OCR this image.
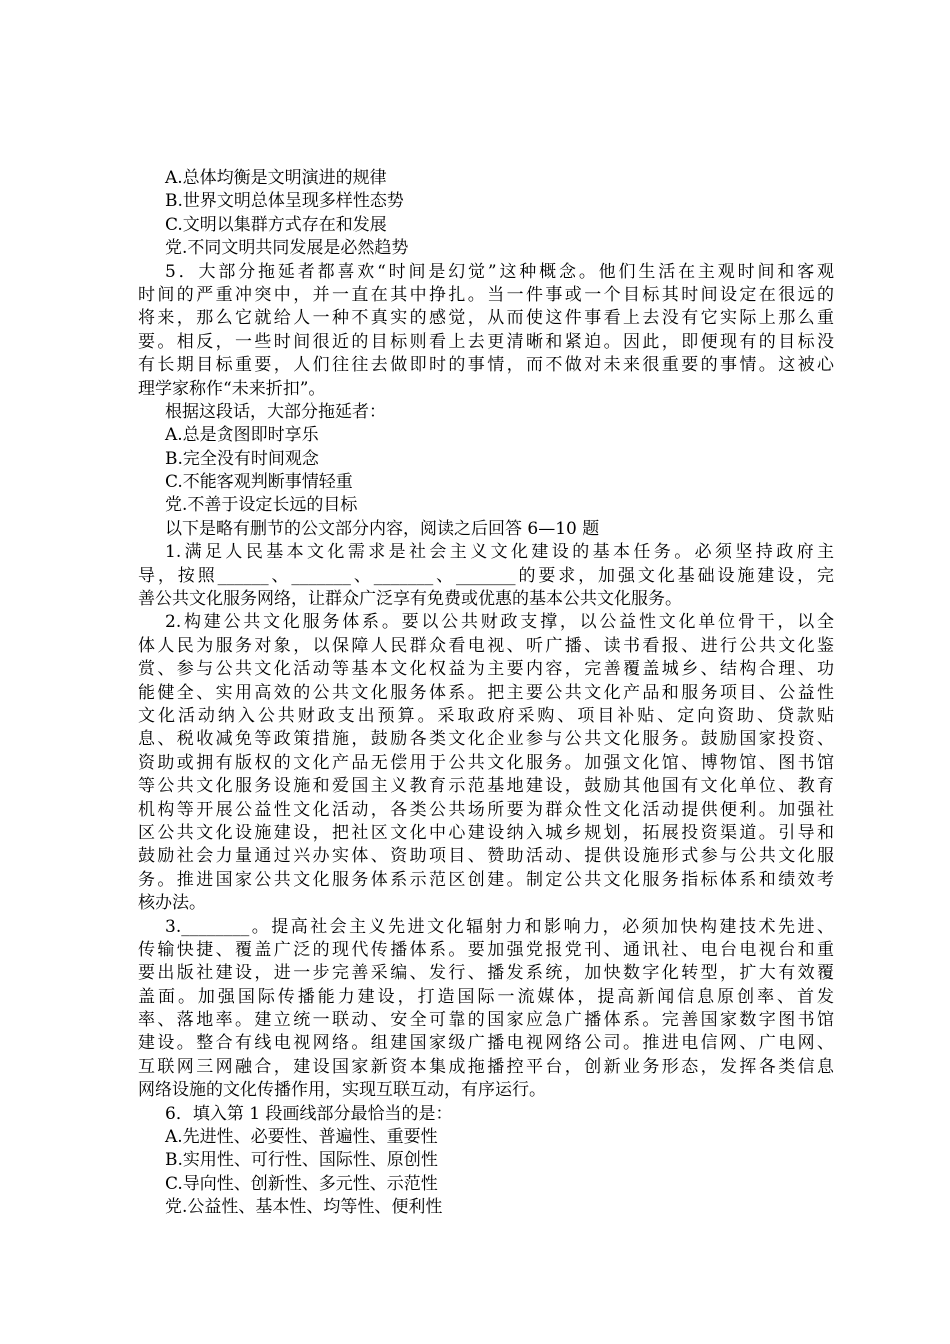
A.总体均衡是文明演进的规律
B.世界文明总体呈现多样性态势
C.文明以集群方式存在和发展
党.不同文明共同发展是必然趋势
5．大部分拖延者都喜欢“时间是幻觉”这种概念。他们生活在主观时间和客观
时间的严重冲突中，并一直在其中挣扎。当一件事或一个目标其时间设定在很远的
将来，那么它就给人一种不真实的感觉，从而使这件事看上去没有它实际上那么重
要。相反，一些时间很近的目标则看上去更清晰和紧迫。因此，即便现有的目标没
有长期目标重要，人们往往去做即时的事情，而不做对未来很重要的事情。这被心
理学家称作“未来折扣”。
根据这段话，大部分拖延者：
A.总是贪图即时享乐
B.完全没有时间观念
C.不能客观判断事情轻重
党.不善于设定长远的目标
以下是略有删节的公文部分内容，阅读之后回答 6—10 题
1.满足人民基本文化需求是社会主义文化建设的基本任务。必须坚持政府主
导，按照______、_______、_______、_______的要求，加强文化基础设施建设，完
善公共文化服务网络，让群众广泛享有免费或优惠的基本公共文化服务。
2.构建公共文化服务体系。要以公共财政支撑，以公益性文化单位骨干，以全
体人民为服务对象，以保障人民群众看电视、听广播、读书看报、进行公共文化鉴
赏、参与公共文化活动等基本文化权益为主要内容，完善覆盖城乡、结构合理、功
能健全、实用高效的公共文化服务体系。把主要公共文化产品和服务项目、公益性
文化活动纳入公共财政支出预算。采取政府采购、项目补贴、定向资助、贷款贴
息、税收减免等政策措施，鼓励各类文化企业参与公共文化服务。鼓励国家投资、
资助或拥有版权的文化产品无偿用于公共文化服务。加强文化馆、博物馆、图书馆
等公共文化服务设施和爱国主义教育示范基地建设，鼓励其他国有文化单位、教育
机构等开展公益性文化活动，各类公共场所要为群众性文化活动提供便利。加强社
区公共文化设施建设，把社区文化中心建设纳入城乡规划，拓展投资渠道。引导和
鼓励社会力量通过兴办实体、资助项目、赞助活动、提供设施形式参与公共文化服
务。推进国家公共文化服务体系示范区创建。制定公共文化服务指标体系和绩效考
核办法。
3.________。提高社会主义先进文化辐射力和影响力，必须加快构建技术先进、
传输快捷、覆盖广泛的现代传播体系。要加强党报党刊、通讯社、电台电视台和重
要出版社建设，进一步完善采编、发行、播发系统，加快数字化转型，扩大有效覆
盖面。加强国际传播能力建设，打造国际一流媒体，提高新闻信息原创率、首发
率、落地率。建立统一联动、安全可靠的国家应急广播体系。完善国家数字图书馆
建设。整合有线电视网络。组建国家级广播电视网络公司。推进电信网、广电网、
互联网三网融合，建设国家新资本集成拖播控平台，创新业务形态，发挥各类信息
网络设施的文化传播作用，实现互联互动，有序运行。
6．填入第 1 段画线部分最恰当的是：
A.先进性、必要性、普遍性、重要性
B.实用性、可行性、国际性、原创性
C.导向性、创新性、多元性、示范性
党.公益性、基本性、均等性、便利性
